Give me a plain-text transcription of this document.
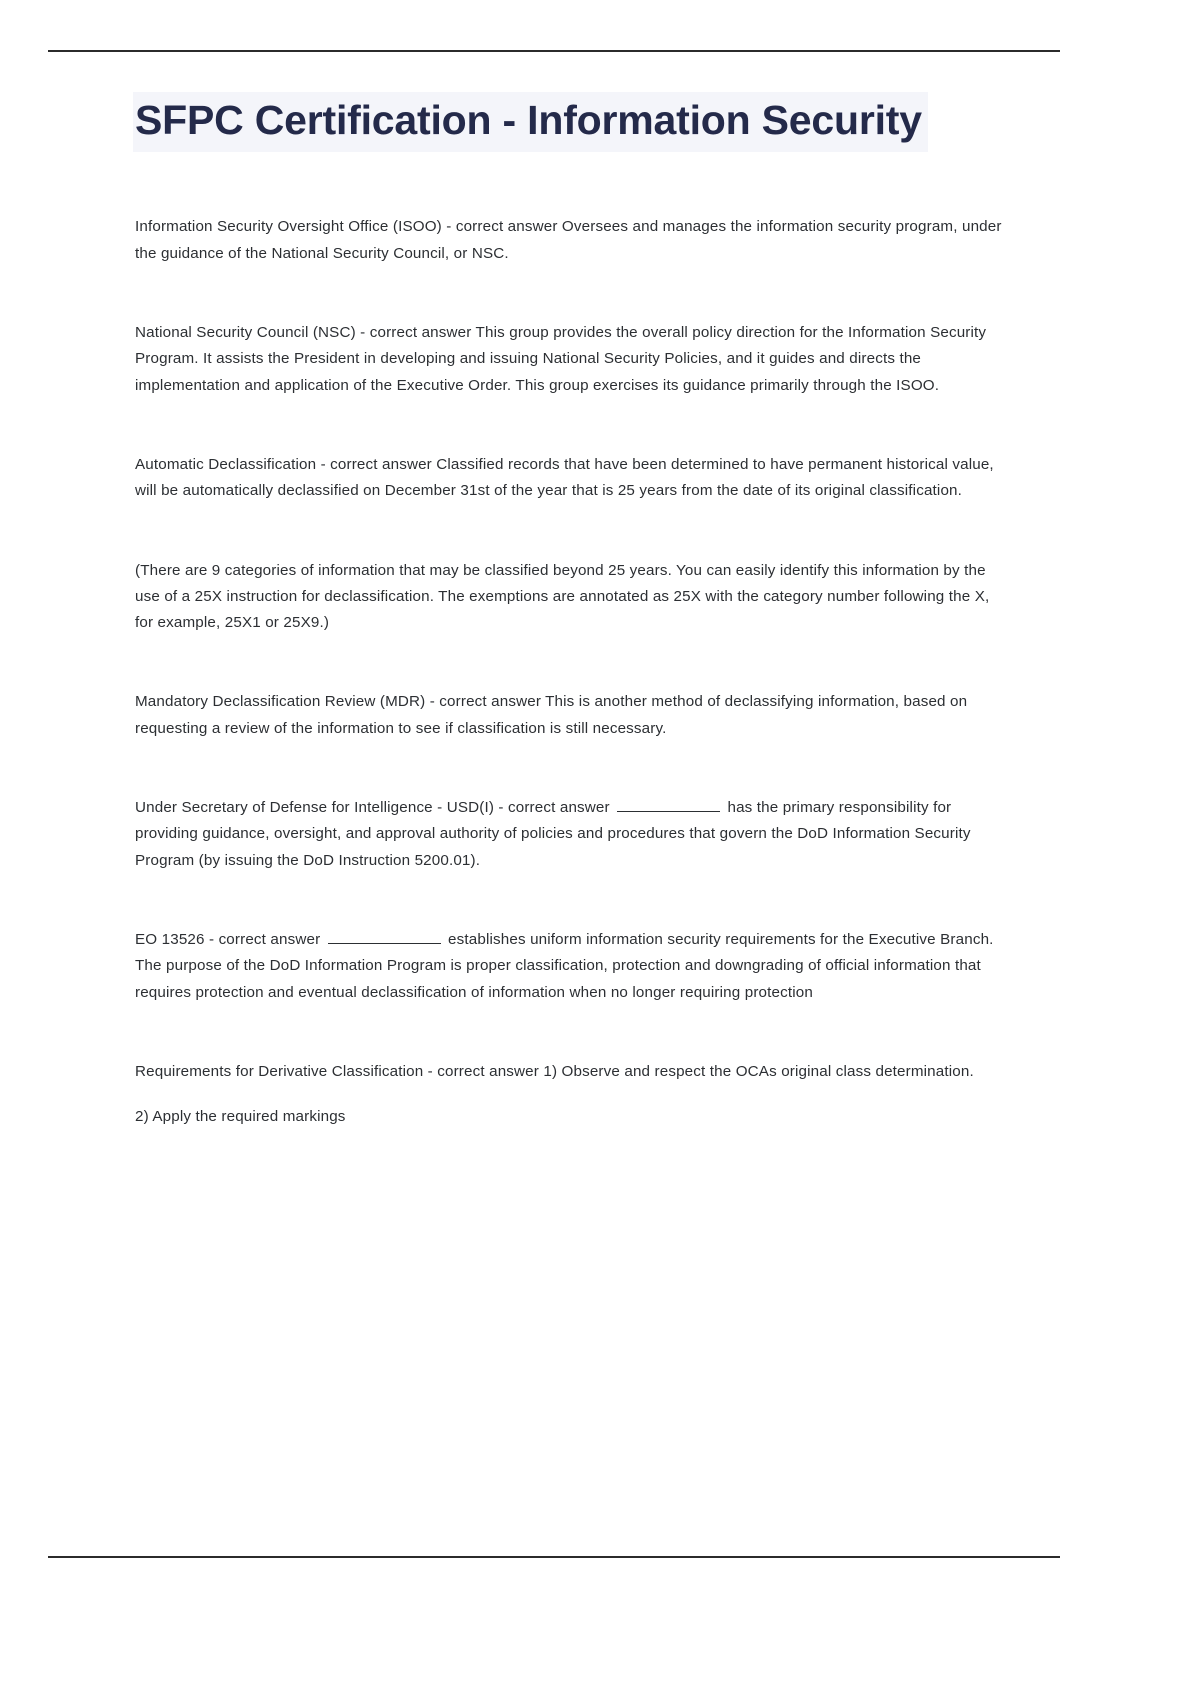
SFPC Certification - Information Security

Information Security Oversight Office (ISOO) - correct answer Oversees and manages the information security program, under the guidance of the National Security Council, or NSC.

National Security Council (NSC) - correct answer This group provides the overall policy direction for the Information Security Program. It assists the President in developing and issuing National Security Policies, and it guides and directs the implementation and application of the Executive Order. This group exercises its guidance primarily through the ISOO.

Automatic Declassification - correct answer Classified records that have been determined to have permanent historical value, will be automatically declassified on December 31st of the year that is 25 years from the date of its original classification.

(There are 9 categories of information that may be classified beyond 25 years. You can easily identify this information by the use of a 25X instruction for declassification. The exemptions are annotated as 25X with the category number following the X, for example, 25X1 or 25X9.)

Mandatory Declassification Review (MDR) - correct answer This is another method of declassifying information, based on requesting a review of the information to see if classification is still necessary.

Under Secretary of Defense for Intelligence - USD(I) - correct answer	has the primary responsibility for providing guidance, oversight, and approval authority of policies and procedures that govern the DoD Information Security Program (by issuing the DoD Instruction 5200.01).

EO 13526 - correct answer	establishes uniform information security requirements for the Executive Branch. The purpose of the DoD Information Program is proper classification, protection and downgrading of official information that requires protection and eventual declassification of information when no longer requiring protection

Requirements for Derivative Classification - correct answer 1) Observe and respect the OCAs original class determination.

2) Apply the required markings
